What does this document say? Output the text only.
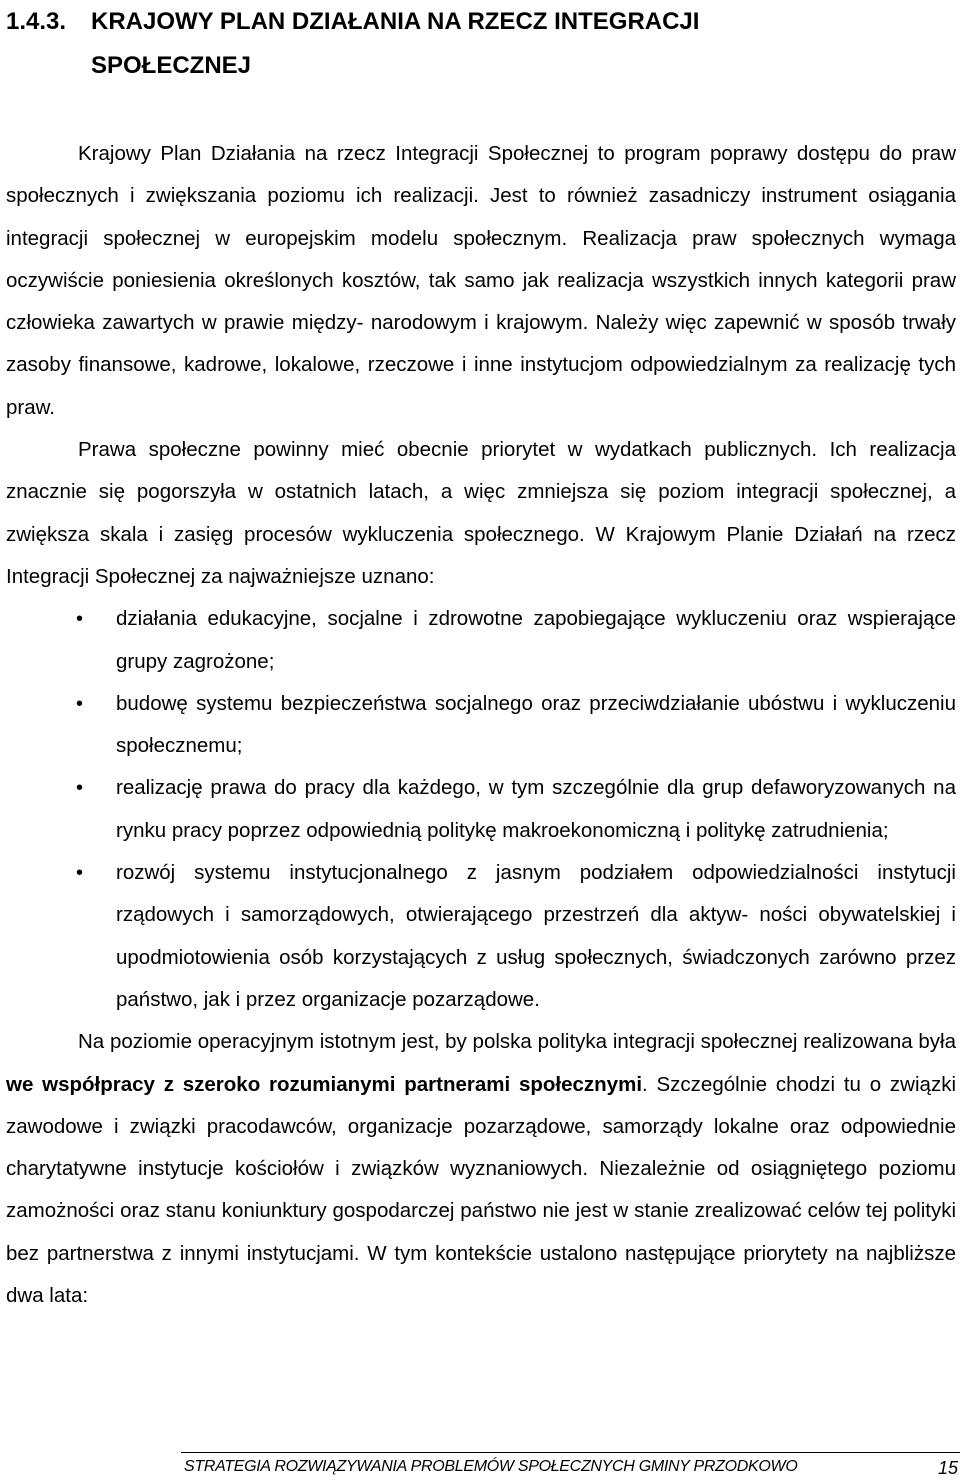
1.4.3. KRAJOWY PLAN DZIAŁANIA NA RZECZ INTEGRACJI
SPOŁECZNEJ

Krajowy Plan Działania na rzecz Integracji Społecznej to program poprawy dostępu do praw społecznych i zwiększania poziomu ich realizacji. Jest to również zasadniczy instrument osiągania integracji społecznej w europejskim modelu społecznym. Realizacja praw społecznych wymaga oczywiście poniesienia określonych kosztów, tak samo jak realizacja wszystkich innych kategorii praw człowieka zawartych w prawie między- narodowym i krajowym. Należy więc zapewnić w sposób trwały zasoby finansowe, kadrowe, lokalowe, rzeczowe i inne instytucjom odpowiedzialnym za realizację tych praw.

Prawa społeczne powinny mieć obecnie priorytet w wydatkach publicznych. Ich realizacja znacznie się pogorszyła w ostatnich latach, a więc zmniejsza się poziom integracji społecznej, a zwiększa skala i zasięg procesów wykluczenia społecznego. W Krajowym Planie Działań na rzecz Integracji Społecznej za najważniejsze uznano:

• działania edukacyjne, socjalne i zdrowotne zapobiegające wykluczeniu oraz wspierające grupy zagrożone;
• budowę systemu bezpieczeństwa socjalnego oraz przeciwdziałanie ubóstwu i wykluczeniu społecznemu;
• realizację prawa do pracy dla każdego, w tym szczególnie dla grup defaworyzowanych na rynku pracy poprzez odpowiednią politykę makroekonomiczną i politykę zatrudnienia;
• rozwój systemu instytucjonalnego z jasnym podziałem odpowiedzialności instytucji rządowych i samorządowych, otwierającego przestrzeń dla aktyw- ności obywatelskiej i upodmiotowienia osób korzystających z usług społecznych, świadczonych zarówno przez państwo, jak i przez organizacje pozarządowe.

Na poziomie operacyjnym istotnym jest, by polska polityka integracji społecznej realizowana była we współpracy z szeroko rozumianymi partnerami społecznymi. Szczególnie chodzi tu o związki zawodowe i związki pracodawców, organizacje pozarządowe, samorządy lokalne oraz odpowiednie charytatywne instytucje kościołów i związków wyznaniowych. Niezależnie od osiągniętego poziomu zamożności oraz stanu koniunktury gospodarczej państwo nie jest w stanie zrealizować celów tej polityki bez partnerstwa z innymi instytucjami. W tym kontekście ustalono następujące priorytety na najbliższe dwa lata:

STRATEGIA ROZWIĄZYWANIA PROBLEMÓW SPOŁECZNYCH GMINY PRZODKOWO	15
